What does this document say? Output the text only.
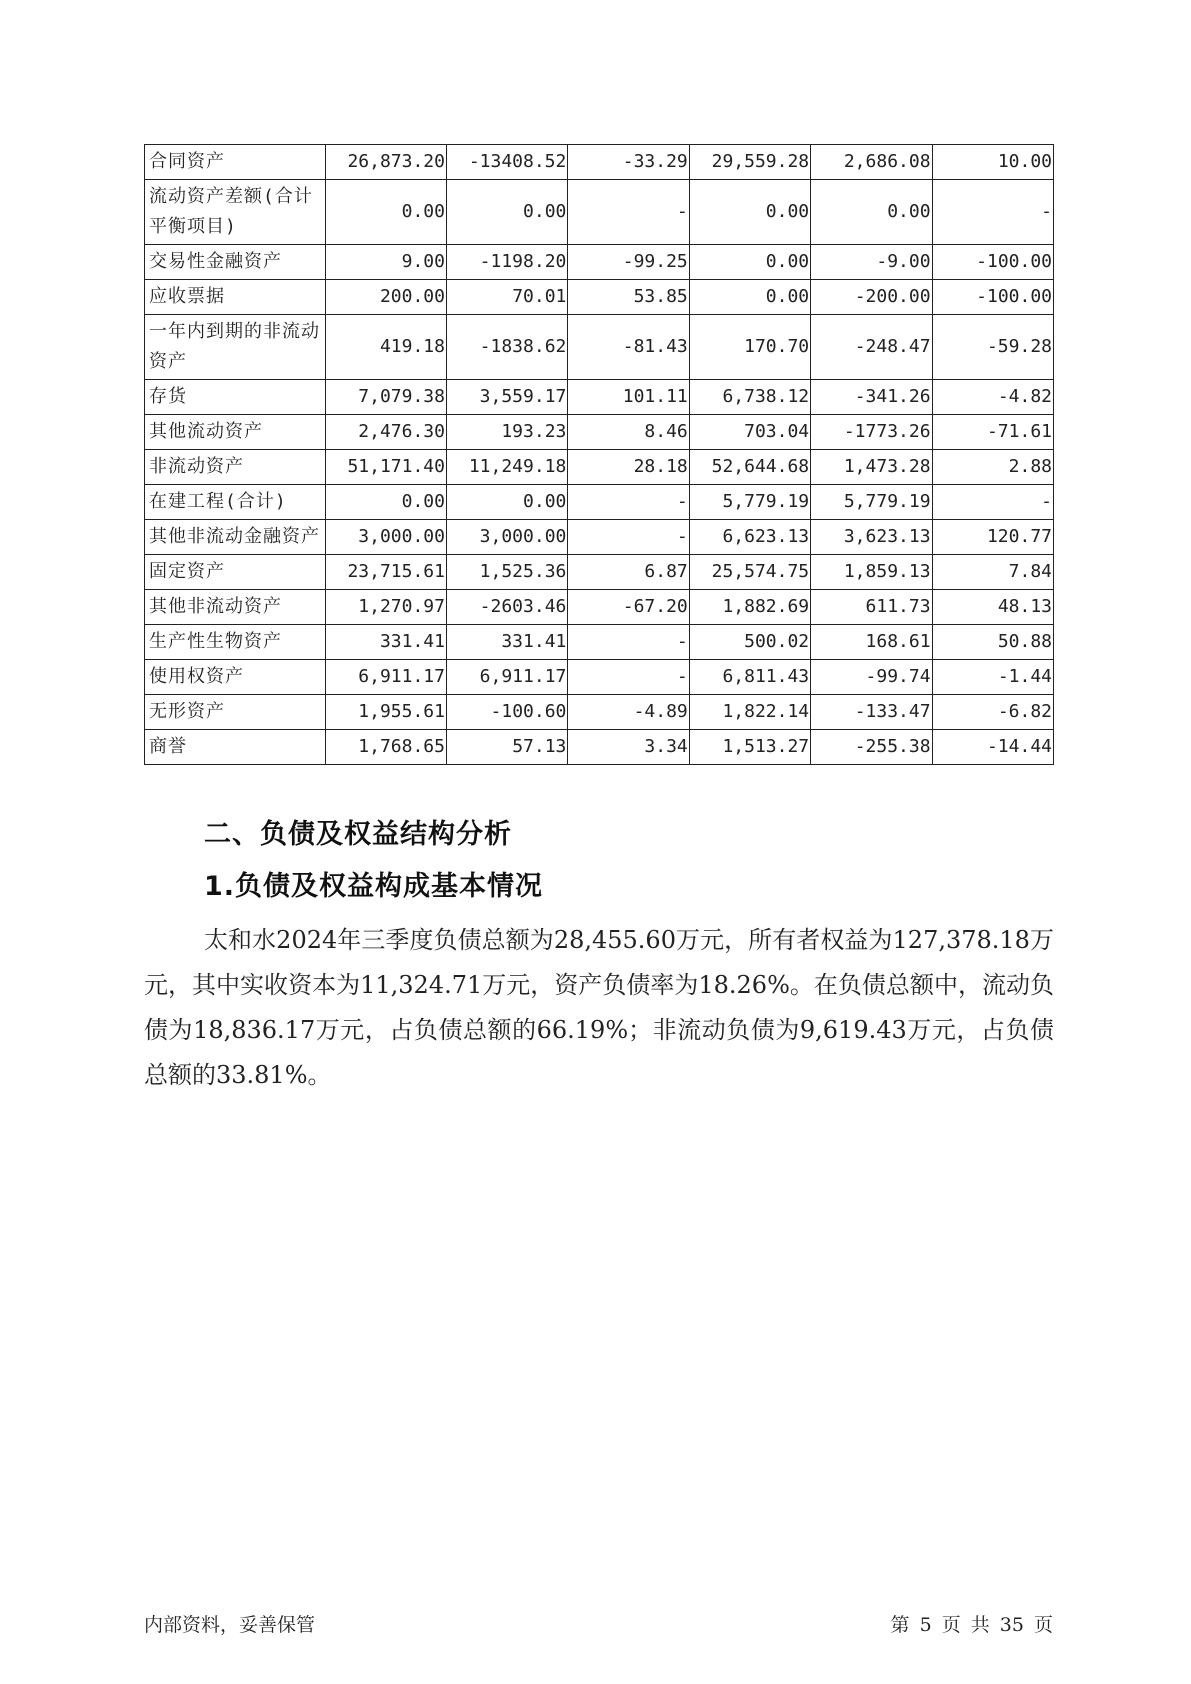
合同资产	26,873.20	-13408.52	-33.29	29,559.28	2,686.08	10.00
流动资产差额(合计平衡项目)	0.00	0.00	-	0.00	0.00	-
交易性金融资产	9.00	-1198.20	-99.25	0.00	-9.00	-100.00
应收票据	200.00	70.01	53.85	0.00	-200.00	-100.00
一年内到期的非流动资产	419.18	-1838.62	-81.43	170.70	-248.47	-59.28
存货	7,079.38	3,559.17	101.11	6,738.12	-341.26	-4.82
其他流动资产	2,476.30	193.23	8.46	703.04	-1773.26	-71.61
非流动资产	51,171.40	11,249.18	28.18	52,644.68	1,473.28	2.88
在建工程(合计)	0.00	0.00	-	5,779.19	5,779.19	-
其他非流动金融资产	3,000.00	3,000.00	-	6,623.13	3,623.13	120.77
固定资产	23,715.61	1,525.36	6.87	25,574.75	1,859.13	7.84
其他非流动资产	1,270.97	-2603.46	-67.20	1,882.69	611.73	48.13
生产性生物资产	331.41	331.41	-	500.02	168.61	50.88
使用权资产	6,911.17	6,911.17	-	6,811.43	-99.74	-1.44
无形资产	1,955.61	-100.60	-4.89	1,822.14	-133.47	-6.82
商誉	1,768.65	57.13	3.34	1,513.27	-255.38	-14.44
二、负债及权益结构分析
1.负债及权益构成基本情况

太和水2024年三季度负债总额为28,455.60万元，所有者权益为127,378.18万元，其中实收资本为11,324.71万元，资产负债率为18.26%。在负债总额中，流动负债为18,836.17万元，占负债总额的66.19%；非流动负债为9,619.43万元，占负债总额的33.81%。

内部资料，妥善保管	第 5 页 共 35 页
